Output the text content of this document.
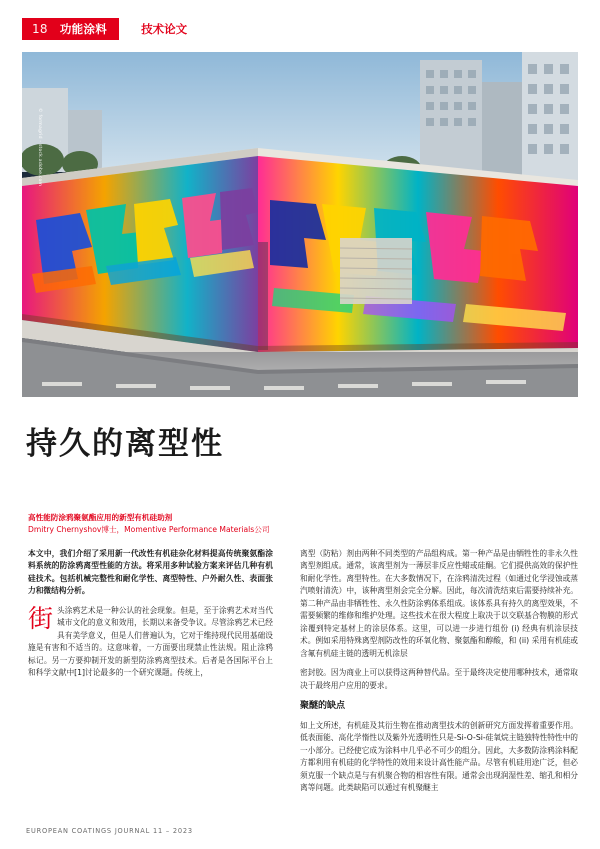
18 功能涂料	技术论文
© formagrid - stock.adobe.com
持久的离型性
高性能防涂鸦聚氨酯应用的新型有机硅助剂
Dmitry Chernyshov博士，Momentive Performance Materials公司

本文中，我们介绍了采用新一代改性有机硅杂化材料提高传统聚氨酯涂料系统的防涂鸦离型性能的方法。将采用多种试验方案来评估几种有机硅技术。包括机械完整性和耐化学性、离型特性、户外耐久性、表面张力和微结构分析。

街 头涂鸦艺术是一种公认的社会现象。但是，至于涂鸦艺术对当代城市文化的意义和效用，长期以来备受争议。尽管涂鸦艺术已经具有美学意义，但是人们普遍认为，它对于维持现代民用基础设施是有害和不适当的。这意味着，一方面要出现禁止性法规。阻止涂鸦标记。另一方要抑制开发的新型防涂鸦离型技术。后者是各国际平台上和科学文献中[1]讨论最多的一个研究课题。传统上，

离型（防粘）剂由两种不同类型的产品组构成。第一种产品是由牺牲性的非永久性离型剂组成。通常，该离型剂为一薄层非反应性蜡或硅酮。它们提供高效的保护性和耐化学性。离型特性。在大多数情况下，在涂鸦清洗过程（如通过化学浸蚀或蒸汽喷射清洗）中，该种离型剂会完全分解。因此，每次清洗结束后需要持续补充。第二种产品由非牺牲性、永久性防涂鸦体系组成。该体系具有持久的离型效果，不需要频繁的维修和维护处理。这些技术在很大程度上取决于以交联基合物膜的形式涂覆到特定基材上的涂层体系。这里，可以进一步进行组份 (i) 经典有机涂层技术。例如采用特殊离型剂防改性的环氧化物、聚氨酯和醇酸，和 (ii) 采用有机硅或含氟有机硅主链的透明无机涂层

密封胶。因为商业上可以获得这两种替代品。至于最终决定使用哪种技术，通常取决于最终用户应用的要求。

聚醚的缺点

如上文所述，有机硅及其衍生物在推动离型技术的创新研究方面发挥着重要作用。低表面能、高化学惰性以及紫外光透明性只是-Si-O-Si-硅氧烷主链独特性特性中的一小部分。已经使它成为涂料中几乎必不可少的组分。因此，大多数防涂鸦涂料配方都利用有机硅的化学特性的效用来设计高性能产品。尽管有机硅用途广泛，但必须克服一个缺点是与有机聚合物的相容性有限。通常会出现润湿性差、缩孔和相分离等问题。此类缺陷可以通过有机聚醚主

EUROPEAN COATINGS JOURNAL 11 – 2023
